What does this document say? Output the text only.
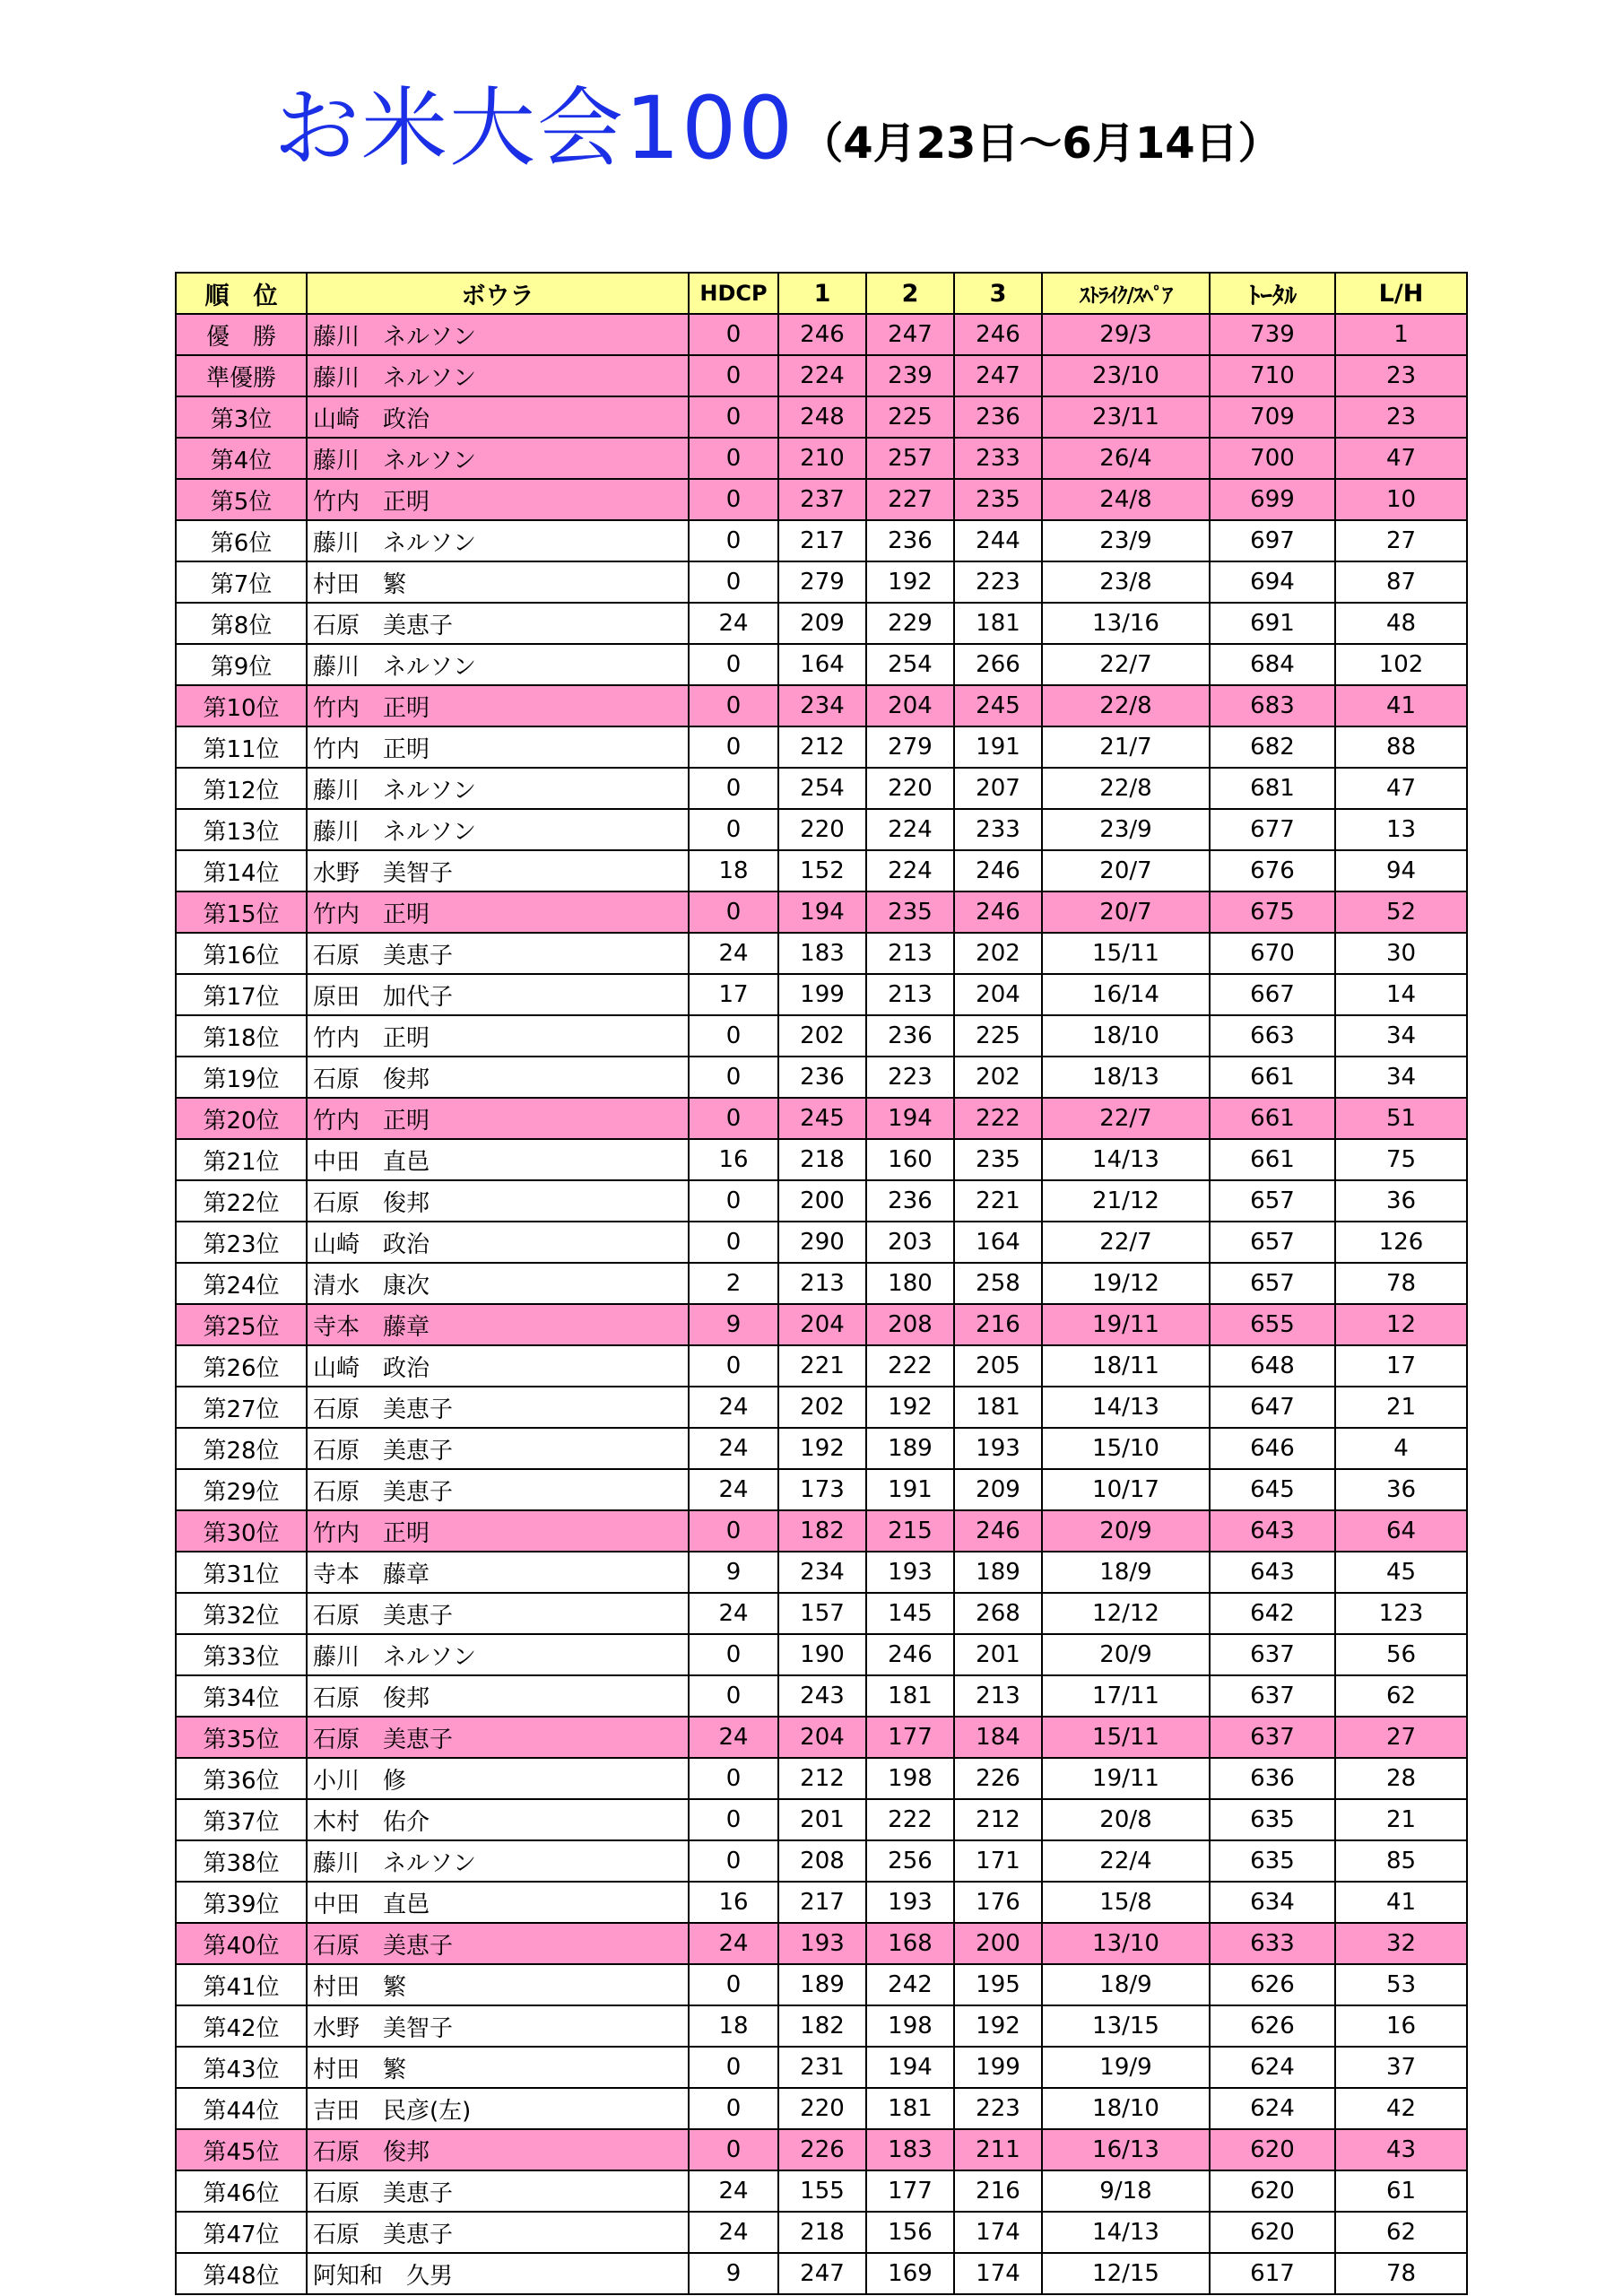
お米大会100 （4月23日～6月14日）
順　位	ボウラ	HDCP	1	2	3	ｽﾄﾗｲｸ/ｽﾍﾟｱ	ﾄｰﾀﾙ	L/H
優　勝	藤川　ネルソン	0	246	247	246	29/3	739	1
準優勝	藤川　ネルソン	0	224	239	247	23/10	710	23
第3位	山崎　政治	0	248	225	236	23/11	709	23
第4位	藤川　ネルソン	0	210	257	233	26/4	700	47
第5位	竹内　正明	0	237	227	235	24/8	699	10
第6位	藤川　ネルソン	0	217	236	244	23/9	697	27
第7位	村田　繁	0	279	192	223	23/8	694	87
第8位	石原　美恵子	24	209	229	181	13/16	691	48
第9位	藤川　ネルソン	0	164	254	266	22/7	684	102
第10位	竹内　正明	0	234	204	245	22/8	683	41
第11位	竹内　正明	0	212	279	191	21/7	682	88
第12位	藤川　ネルソン	0	254	220	207	22/8	681	47
第13位	藤川　ネルソン	0	220	224	233	23/9	677	13
第14位	水野　美智子	18	152	224	246	20/7	676	94
第15位	竹内　正明	0	194	235	246	20/7	675	52
第16位	石原　美恵子	24	183	213	202	15/11	670	30
第17位	原田　加代子	17	199	213	204	16/14	667	14
第18位	竹内　正明	0	202	236	225	18/10	663	34
第19位	石原　俊邦	0	236	223	202	18/13	661	34
第20位	竹内　正明	0	245	194	222	22/7	661	51
第21位	中田　直邑	16	218	160	235	14/13	661	75
第22位	石原　俊邦	0	200	236	221	21/12	657	36
第23位	山崎　政治	0	290	203	164	22/7	657	126
第24位	清水　康次	2	213	180	258	19/12	657	78
第25位	寺本　藤章	9	204	208	216	19/11	655	12
第26位	山崎　政治	0	221	222	205	18/11	648	17
第27位	石原　美恵子	24	202	192	181	14/13	647	21
第28位	石原　美恵子	24	192	189	193	15/10	646	4
第29位	石原　美恵子	24	173	191	209	10/17	645	36
第30位	竹内　正明	0	182	215	246	20/9	643	64
第31位	寺本　藤章	9	234	193	189	18/9	643	45
第32位	石原　美恵子	24	157	145	268	12/12	642	123
第33位	藤川　ネルソン	0	190	246	201	20/9	637	56
第34位	石原　俊邦	0	243	181	213	17/11	637	62
第35位	石原　美恵子	24	204	177	184	15/11	637	27
第36位	小川　修	0	212	198	226	19/11	636	28
第37位	木村　佑介	0	201	222	212	20/8	635	21
第38位	藤川　ネルソン	0	208	256	171	22/4	635	85
第39位	中田　直邑	16	217	193	176	15/8	634	41
第40位	石原　美恵子	24	193	168	200	13/10	633	32
第41位	村田　繁	0	189	242	195	18/9	626	53
第42位	水野　美智子	18	182	198	192	13/15	626	16
第43位	村田　繁	0	231	194	199	19/9	624	37
第44位	吉田　民彦(左)	0	220	181	223	18/10	624	42
第45位	石原　俊邦	0	226	183	211	16/13	620	43
第46位	石原　美恵子	24	155	177	216	9/18	620	61
第47位	石原　美恵子	24	218	156	174	14/13	620	62
第48位	阿知和　久男	9	247	169	174	12/15	617	78
